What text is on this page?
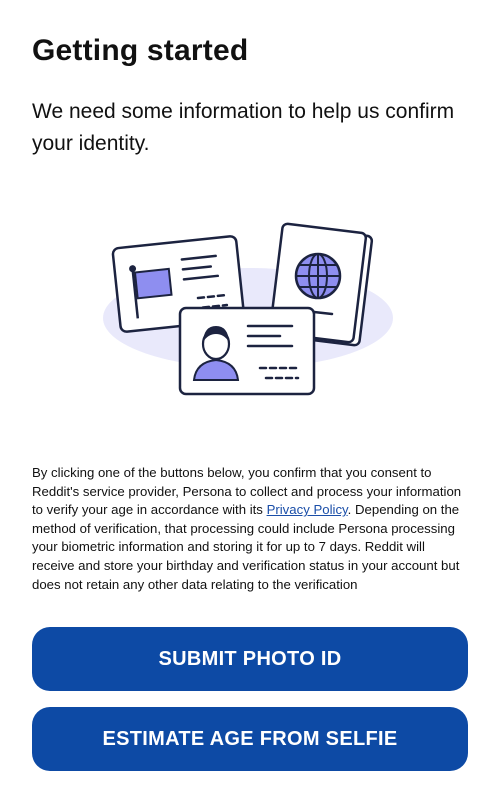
Getting started

We need some information to help us confirm your identity.

By clicking one of the buttons below, you confirm that you consent to Reddit's service provider, Persona to collect and process your information to verify your age in accordance with its Privacy Policy. Depending on the method of verification, that processing could include Persona processing your biometric information and storing it for up to 7 days. Reddit will receive and store your birthday and verification status in your account but does not retain any other data relating to the verification

SUBMIT PHOTO ID
ESTIMATE AGE FROM SELFIE
